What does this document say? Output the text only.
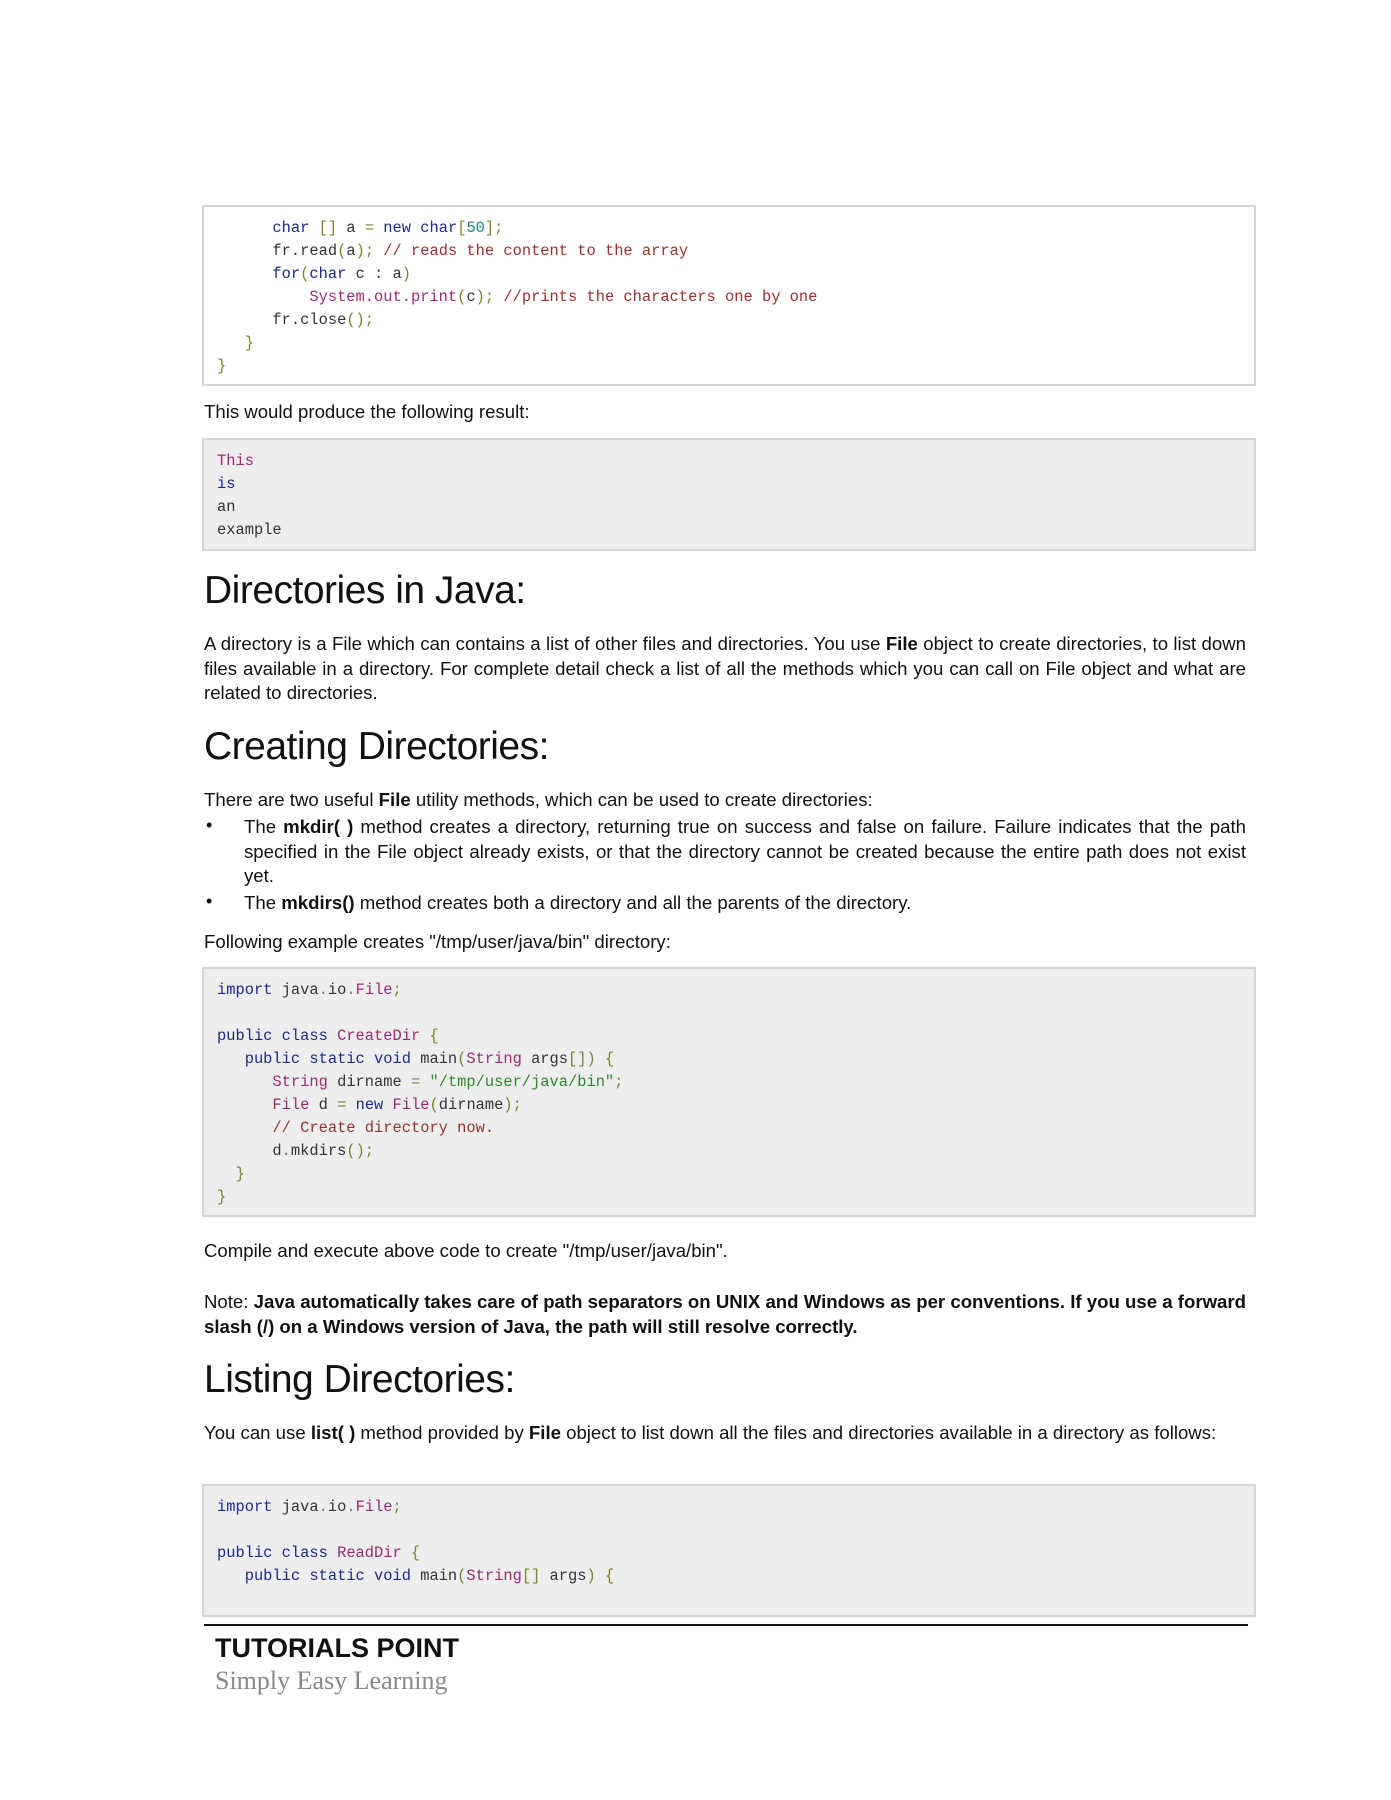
char [] a = new char[50];
fr.read(a); // reads the content to the array
for(char c : a)
System.out.print(c); //prints the characters one by one
fr.close();
}
}
This would produce the following result:
This
is
an
example
Directories in Java:
A directory is a File which can contains a list of other files and directories. You use File object to create directories, to list down files available in a directory. For complete detail check a list of all the methods which you can call on File object and what are related to directories.
Creating Directories:
There are two useful File utility methods, which can be used to create directories:
• The mkdir( ) method creates a directory, returning true on success and false on failure. Failure indicates that the path specified in the File object already exists, or that the directory cannot be created because the entire path does not exist yet.
• The mkdirs() method creates both a directory and all the parents of the directory.
Following example creates "/tmp/user/java/bin" directory:
import java.io.File;
public class CreateDir {
public static void main(String args[]) {
String dirname = "/tmp/user/java/bin";
File d = new File(dirname);
// Create directory now.
d.mkdirs();
}
}
Compile and execute above code to create "/tmp/user/java/bin".
Note: Java automatically takes care of path separators on UNIX and Windows as per conventions. If you use a forward slash (/) on a Windows version of Java, the path will still resolve correctly.
Listing Directories:
You can use list( ) method provided by File object to list down all the files and directories available in a directory as follows:
import java.io.File;
public class ReadDir {
public static void main(String[] args) {
TUTORIALS POINT
Simply Easy Learning
